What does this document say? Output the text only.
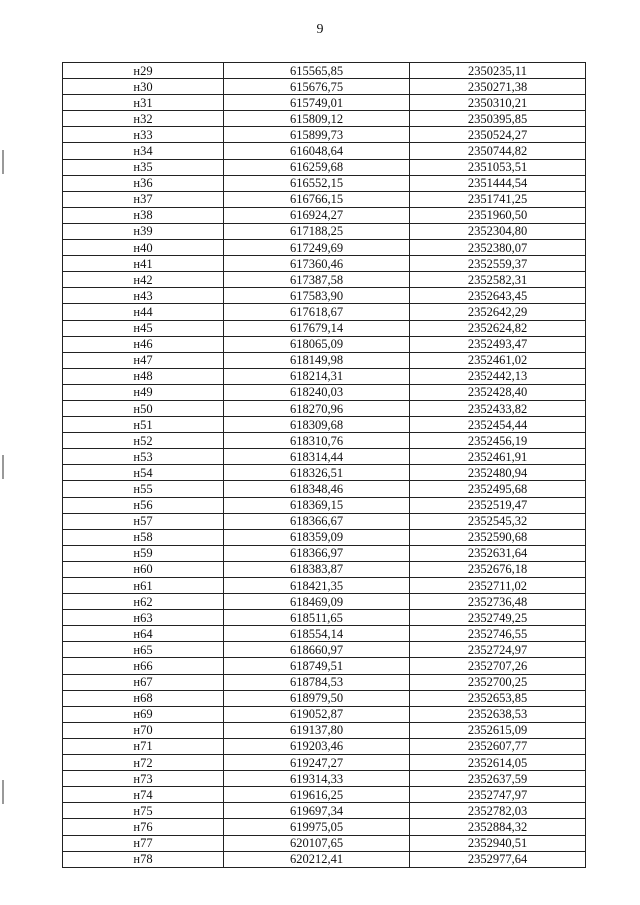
9
н29	615565,85	2350235,11
н30	615676,75	2350271,38
н31	615749,01	2350310,21
н32	615809,12	2350395,85
н33	615899,73	2350524,27
н34	616048,64	2350744,82
н35	616259,68	2351053,51
н36	616552,15	2351444,54
н37	616766,15	2351741,25
н38	616924,27	2351960,50
н39	617188,25	2352304,80
н40	617249,69	2352380,07
н41	617360,46	2352559,37
н42	617387,58	2352582,31
н43	617583,90	2352643,45
н44	617618,67	2352642,29
н45	617679,14	2352624,82
н46	618065,09	2352493,47
н47	618149,98	2352461,02
н48	618214,31	2352442,13
н49	618240,03	2352428,40
н50	618270,96	2352433,82
н51	618309,68	2352454,44
н52	618310,76	2352456,19
н53	618314,44	2352461,91
н54	618326,51	2352480,94
н55	618348,46	2352495,68
н56	618369,15	2352519,47
н57	618366,67	2352545,32
н58	618359,09	2352590,68
н59	618366,97	2352631,64
н60	618383,87	2352676,18
н61	618421,35	2352711,02
н62	618469,09	2352736,48
н63	618511,65	2352749,25
н64	618554,14	2352746,55
н65	618660,97	2352724,97
н66	618749,51	2352707,26
н67	618784,53	2352700,25
н68	618979,50	2352653,85
н69	619052,87	2352638,53
н70	619137,80	2352615,09
н71	619203,46	2352607,77
н72	619247,27	2352614,05
н73	619314,33	2352637,59
н74	619616,25	2352747,97
н75	619697,34	2352782,03
н76	619975,05	2352884,32
н77	620107,65	2352940,51
н78	620212,41	2352977,64
